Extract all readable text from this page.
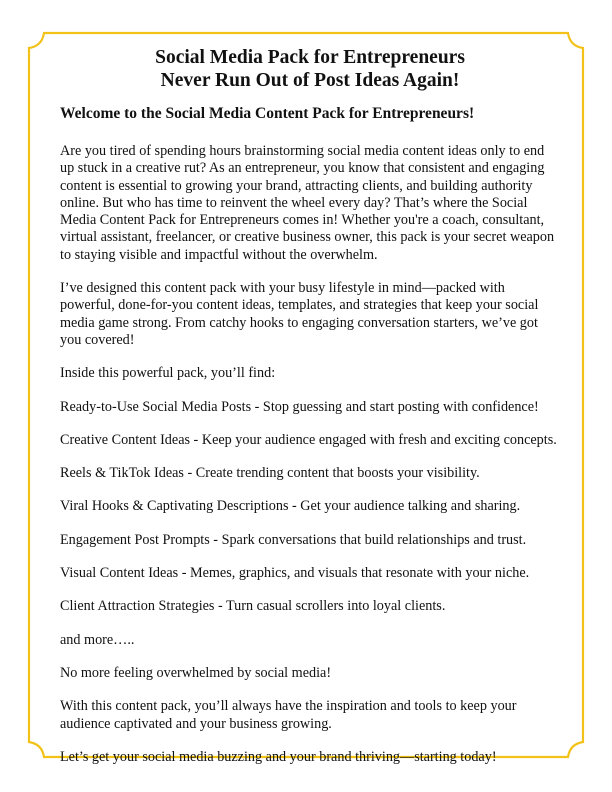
Social Media Pack for Entrepreneurs

Never Run Out of Post Ideas Again!

Welcome to the Social Media Content Pack for Entrepreneurs!

Are you tired of spending hours brainstorming social media content ideas only to end up stuck in a creative rut? As an entrepreneur, you know that consistent and engaging content is essential to growing your brand, attracting clients, and building authority online. But who has time to reinvent the wheel every day? That’s where the Social Media Content Pack for Entrepreneurs comes in! Whether you're a coach, consultant, virtual assistant, freelancer, or creative business owner, this pack is your secret weapon to staying visible and impactful without the overwhelm.

I’ve designed this content pack with your busy lifestyle in mind—packed with powerful, done-for-you content ideas, templates, and strategies that keep your social media game strong. From catchy hooks to engaging conversation starters, we’ve got you covered!

Inside this powerful pack, you’ll find:

Ready-to-Use Social Media Posts - Stop guessing and start posting with confidence!

Creative Content Ideas - Keep your audience engaged with fresh and exciting concepts.

Reels & TikTok Ideas - Create trending content that boosts your visibility.

Viral Hooks & Captivating Descriptions - Get your audience talking and sharing.

Engagement Post Prompts - Spark conversations that build relationships and trust.

Visual Content Ideas - Memes, graphics, and visuals that resonate with your niche.

Client Attraction Strategies - Turn casual scrollers into loyal clients.

and more…..

No more feeling overwhelmed by social media!

With this content pack, you’ll always have the inspiration and tools to keep your audience captivated and your business growing.

Let’s get your social media buzzing and your brand thriving—starting today!
